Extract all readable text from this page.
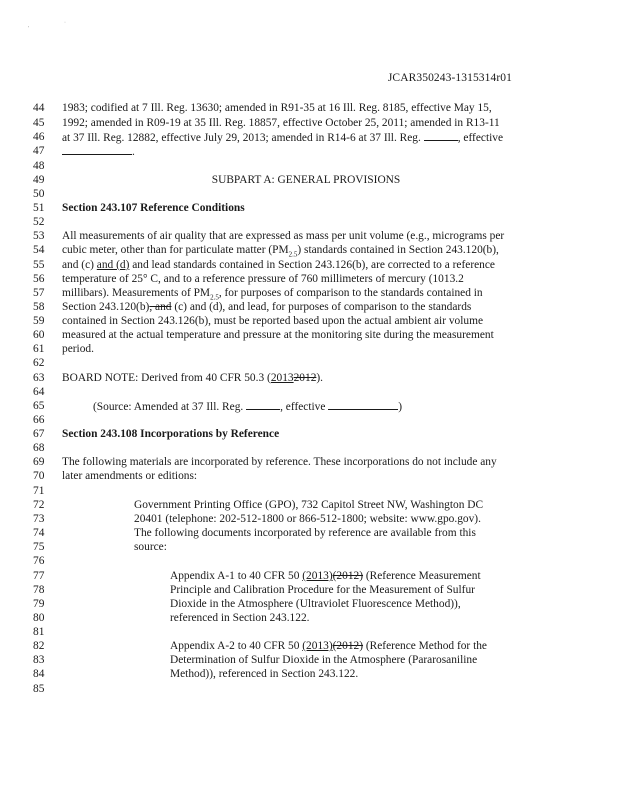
'
·
JCAR350243-1315314r01
44	1983; codified at 7 Ill. Reg. 13630; amended in R91-35 at 16 Ill. Reg. 8185, effective May 15,
45	1992; amended in R09-19 at 35 Ill. Reg. 18857, effective October 25, 2011; amended in R13-11
46	at 37 Ill. Reg. 12882, effective July 29, 2013; amended in R14-6 at 37 Ill. Reg.	, effective
47	.
48
49	SUBPART A: GENERAL PROVISIONS
50
51	Section 243.107 Reference Conditions
52
53	All measurements of air quality that are expressed as mass per unit volume (e.g., micrograms per
54	cubic meter, other than for particulate matter $(PM_{2.5})$ standards contained in Section 243.120(b),
55	and (c) and (d) and lead standards contained in Section 243.126(b), are corrected to a reference
56	temperature of 25° C, and to a reference pressure of 760 millimeters of mercury (1013.2
57	millibars). Measurements of $PM_{2.5}$, for purposes of comparison to the standards contained in
58	Section 243.120(b), and (c) and (d), and lead, for purposes of comparison to the standards
59	contained in Section 243.126(b), must be reported based upon the actual ambient air volume
60	measured at the actual temperature and pressure at the monitoring site during the measurement
61	period.
62
63	BOARD NOTE: Derived from 40 CFR 50.3 (20132012).
64
65	(Source: Amended at 37 Ill. Reg.	, effective	)
66
67	Section 243.108 Incorporations by Reference
68
69	The following materials are incorporated by reference. These incorporations do not include any
70	later amendments or editions:
71
72	Government Printing Office (GPO), 732 Capitol Street NW, Washington DC
73	20401 (telephone: 202-512-1800 or 866-512-1800; website: www.gpo.gov).
74	The following documents incorporated by reference are available from this
75	source:
76
77	Appendix A-1 to 40 CFR 50 (2013)(2012) (Reference Measurement
78	Principle and Calibration Procedure for the Measurement of Sulfur
79	Dioxide in the Atmosphere (Ultraviolet Fluorescence Method)),
80	referenced in Section 243.122.
81
82	Appendix A-2 to 40 CFR 50 (2013)(2012) (Reference Method for the
83	Determination of Sulfur Dioxide in the Atmosphere (Pararosaniline
84	Method)), referenced in Section 243.122.
85
